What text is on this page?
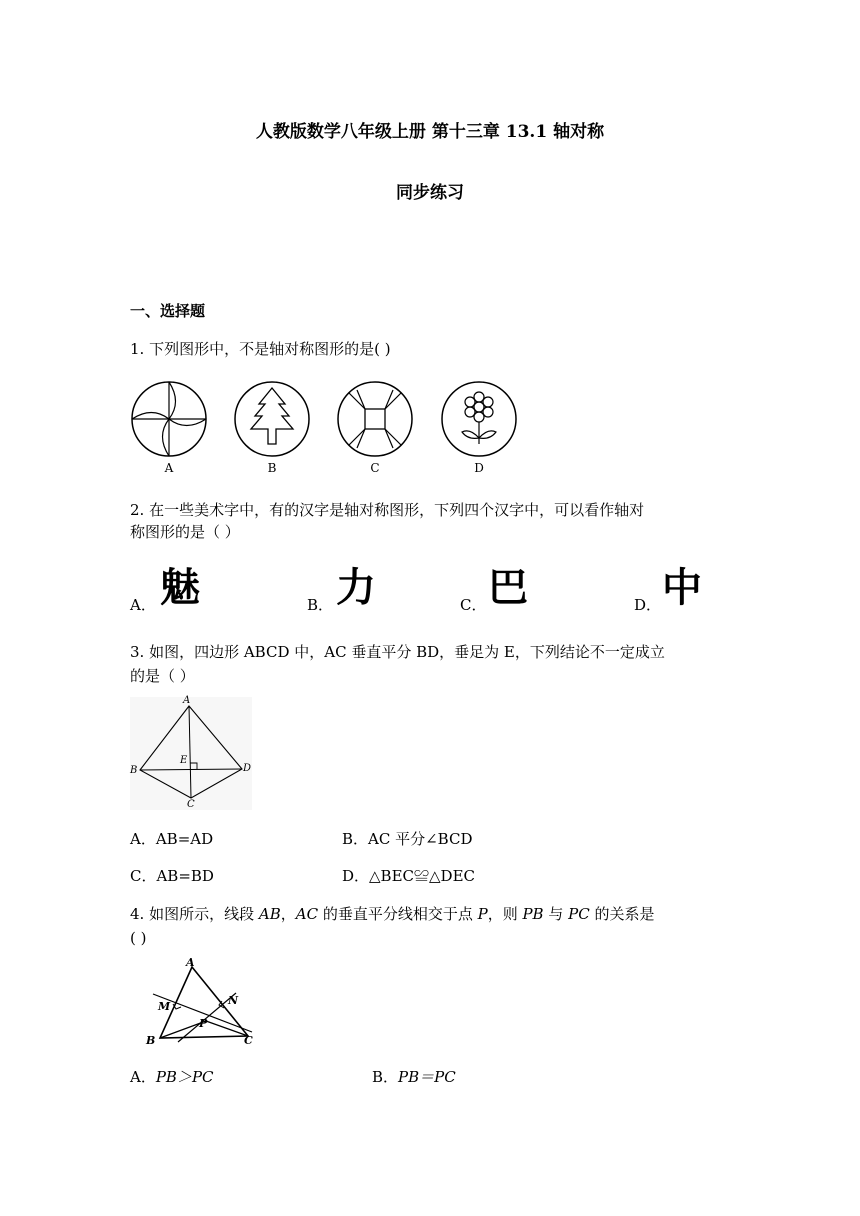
人教版数学八年级上册 第十三章 13.1 轴对称
同步练习
一、选择题
1. 下列图形中，不是轴对称图形的是( )
A	B	C	D
2. 在一些美术字中，有的汉字是轴对称图形，下列四个汉字中，可以看作轴对
称图形的是（ ）
A． 魅	B． 力	C． 巴	D． 中
3. 如图，四边形 ABCD 中，AC 垂直平分 BD，垂足为 E，下列结论不一定成立
的是（ ）
A
B
C
D
E
A．AB=AD	B．AC 平分∠BCD
C．AB=BD	D．△BEC≌△DEC
4. 如图所示，线段 AB，AC 的垂直平分线相交于点 P，则 PB 与 PC 的关系是
( )
A
B	C
M	N
P
A．PB＞PC	B．PB＝PC
